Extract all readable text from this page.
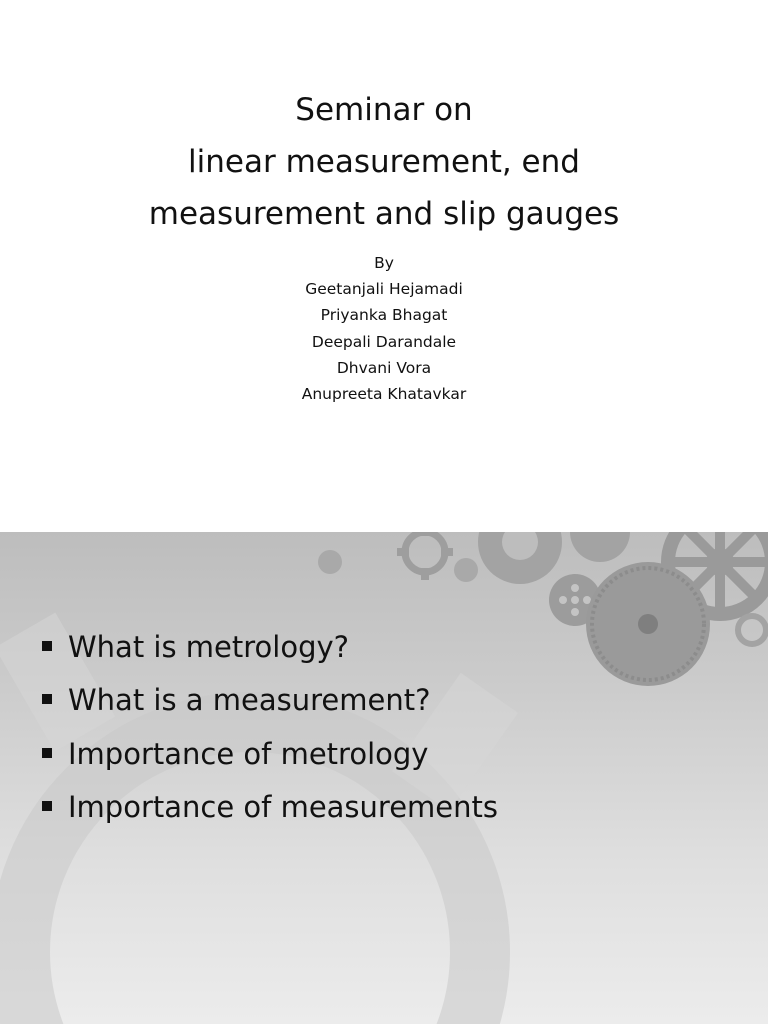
Seminar on
linear measurement, end
measurement and slip gauges
By
Geetanjali Hejamadi
Priyanka Bhagat
Deepali Darandale
Dhvani Vora
Anupreeta Khatavkar
What is metrology?
What is a measurement?
Importance of metrology
Importance of measurements
